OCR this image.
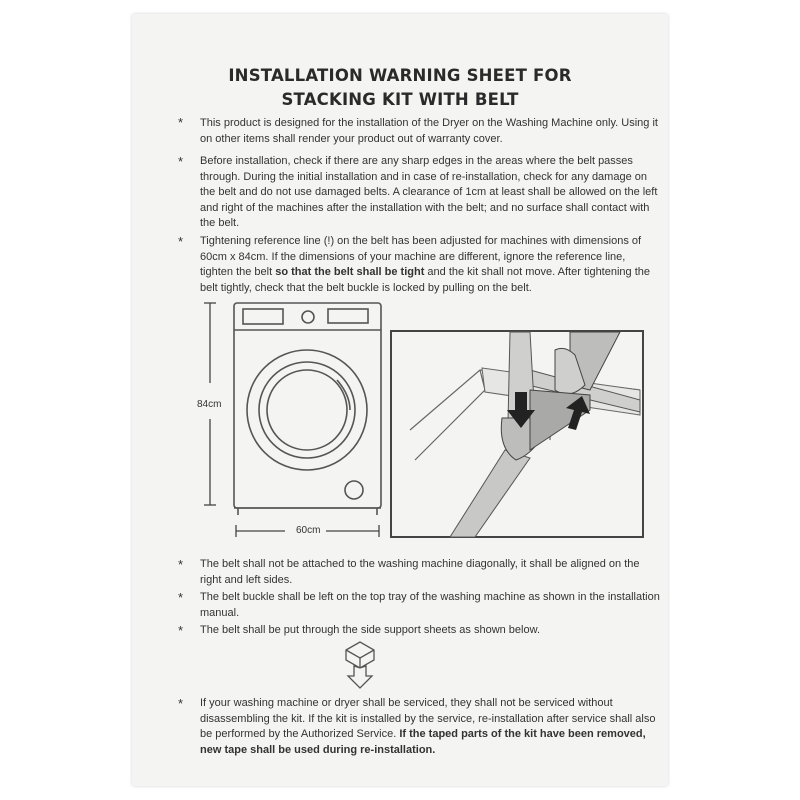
INSTALLATION WARNING SHEET FOR
STACKING KIT WITH BELT
*	This product is designed for the installation of the Dryer on the Washing Machine only. Using it on other items shall render your product out of warranty cover.
*	Before installation, check if there are any sharp edges in the areas where the belt passes through. During the initial installation and in case of re-installation, check for any damage on the belt and do not use damaged belts. A clearance of 1cm at least shall be allowed on the left and right of the machines after the installation with the belt; and no surface shall contact with the belt.
*	Tightening reference line (!) on the belt has been adjusted for machines with dimensions of 60cm x 84cm. If the dimensions of your machine are different, ignore the reference line, tighten the belt so that the belt shall be tight and the kit shall not move. After tightening the belt tightly, check that the belt buckle is locked by pulling on the belt.
84cm
60cm
*	The belt shall not be attached to the washing machine diagonally, it shall be aligned on the right and left sides.
*	The belt buckle shall be left on the top tray of the washing machine as shown in the installation manual.
*	The belt shall be put through the side support sheets as shown below.
*	If your washing machine or dryer shall be serviced, they shall not be serviced without disassembling the kit. If the kit is installed by the service, re-installation after service shall also be performed by the Authorized Service. If the taped parts of the kit have been removed, new tape shall be used during re-installation.
